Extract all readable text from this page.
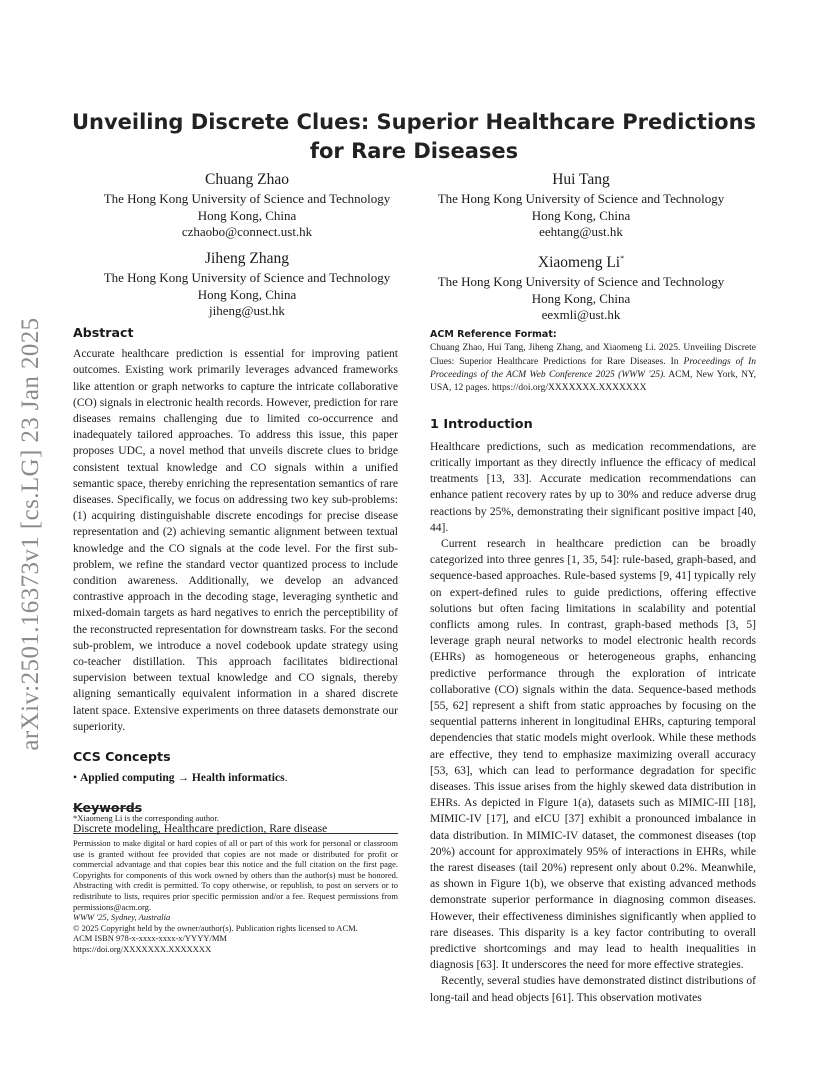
arXiv:2501.16373v1 [cs.LG] 23 Jan 2025
Unveiling Discrete Clues: Superior Healthcare Predictions for Rare Diseases
Chuang Zhao
The Hong Kong University of Science and Technology
Hong Kong, China
czhaobo@connect.ust.hk
Hui Tang
The Hong Kong University of Science and Technology
Hong Kong, China
eehtang@ust.hk
Jiheng Zhang
The Hong Kong University of Science and Technology
Hong Kong, China
jiheng@ust.hk
Xiaomeng Li*
The Hong Kong University of Science and Technology
Hong Kong, China
eexmli@ust.hk
Abstract

Accurate healthcare prediction is essential for improving patient outcomes. Existing work primarily leverages advanced frameworks like attention or graph networks to capture the intricate collaborative (CO) signals in electronic health records. However, prediction for rare diseases remains challenging due to limited co-occurrence and inadequately tailored approaches. To address this issue, this paper proposes UDC, a novel method that unveils discrete clues to bridge consistent textual knowledge and CO signals within a unified semantic space, thereby enriching the representation semantics of rare diseases. Specifically, we focus on addressing two key sub-problems: (1) acquiring distinguishable discrete encodings for precise disease representation and (2) achieving semantic alignment between textual knowledge and the CO signals at the code level. For the first sub-problem, we refine the standard vector quantized process to include condition awareness. Additionally, we develop an advanced contrastive approach in the decoding stage, leveraging synthetic and mixed-domain targets as hard negatives to enrich the perceptibility of the reconstructed representation for downstream tasks. For the second sub-problem, we introduce a novel codebook update strategy using co-teacher distillation. This approach facilitates bidirectional supervision between textual knowledge and CO signals, thereby aligning semantically equivalent information in a shared discrete latent space. Extensive experiments on three datasets demonstrate our superiority.

CCS Concepts
• Applied computing → Health informatics.
Keywords

Discrete modeling, Healthcare prediction, Rare disease

*Xiaomeng Li is the corresponding author.

Permission to make digital or hard copies of all or part of this work for personal or classroom use is granted without fee provided that copies are not made or distributed for profit or commercial advantage and that copies bear this notice and the full citation on the first page. Copyrights for components of this work owned by others than the author(s) must be honored. Abstracting with credit is permitted. To copy otherwise, or republish, to post on servers or to redistribute to lists, requires prior specific permission and/or a fee. Request permissions from permissions@acm.org.

WWW '25, Sydney, Australia

© 2025 Copyright held by the owner/author(s). Publication rights licensed to ACM.

ACM ISBN 978-x-xxxx-xxxx-x/YYYY/MM

https://doi.org/XXXXXXX.XXXXXXX

ACM Reference Format:

Chuang Zhao, Hui Tang, Jiheng Zhang, and Xiaomeng Li. 2025. Unveiling Discrete Clues: Superior Healthcare Predictions for Rare Diseases. In Proceedings of In Proceedings of the ACM Web Conference 2025 (WWW '25). ACM, New York, NY, USA, 12 pages. https://doi.org/XXXXXXX.XXXXXXX

1 Introduction

Healthcare predictions, such as medication recommendations, are critically important as they directly influence the efficacy of medical treatments [13, 33]. Accurate medication recommendations can enhance patient recovery rates by up to 30% and reduce adverse drug reactions by 25%, demonstrating their significant positive impact [40, 44].

Current research in healthcare prediction can be broadly categorized into three genres [1, 35, 54]: rule-based, graph-based, and sequence-based approaches. Rule-based systems [9, 41] typically rely on expert-defined rules to guide predictions, offering effective solutions but often facing limitations in scalability and potential conflicts among rules. In contrast, graph-based methods [3, 5] leverage graph neural networks to model electronic health records (EHRs) as homogeneous or heterogeneous graphs, enhancing predictive performance through the exploration of intricate collaborative (CO) signals within the data. Sequence-based methods [55, 62] represent a shift from static approaches by focusing on the sequential patterns inherent in longitudinal EHRs, capturing temporal dependencies that static models might overlook. While these methods are effective, they tend to emphasize maximizing overall accuracy [53, 63], which can lead to performance degradation for specific diseases. This issue arises from the highly skewed data distribution in EHRs. As depicted in Figure 1(a), datasets such as MIMIC-III [18], MIMIC-IV [17], and eICU [37] exhibit a pronounced imbalance in data distribution. In MIMIC-IV dataset, the commonest diseases (top 20%) account for approximately 95% of interactions in EHRs, while the rarest diseases (tail 20%) represent only about 0.2%. Meanwhile, as shown in Figure 1(b), we observe that existing advanced methods demonstrate superior performance in diagnosing common diseases. However, their effectiveness diminishes significantly when applied to rare diseases. This disparity is a key factor contributing to overall predictive shortcomings and may lead to health inequalities in diagnosis [63]. It underscores the need for more effective strategies.

Recently, several studies have demonstrated distinct distributions of long-tail and head objects [61]. This observation motivates
